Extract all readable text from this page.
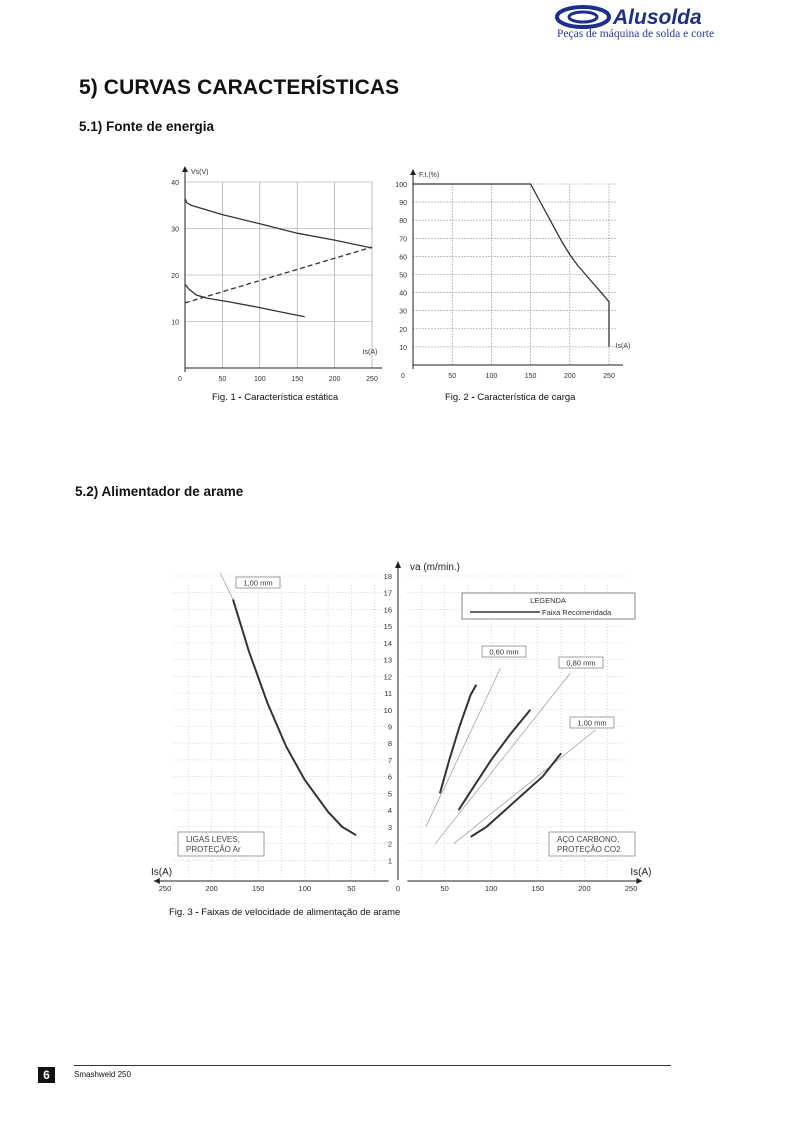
Alusolda
Peças de máquina de solda e corte
5) CURVAS CARACTERÍSTICAS
5.1) Fonte de energia
10
20
30
40
0	50	100	150	200	250
Vs(V)
Is(A)
Fig. 1 - Característica estática
10
20
30
40
50
60
70
80
90
100
0	50	100	150	200	250
F.t.(%)
Is(A)
Fig. 2 - Característica de carga
5.2) Alimentador de arame
1
2
3
4
5
6
7
8
9
10
11
12
13
14
15
16
17
18
250	200	150	100	50	0	50	100	150	200	250
va (m/min.)
Is(A)	Is(A)
LEGENDA
Faixa Recomendada
LIGAS LEVES,
PROTEÇÃO Ar
AÇO CARBONO,
PROTEÇÃO CO2
1,00 mm
0,60 mm
0,80 mm
1,00 mm
Fig. 3 - Faixas de velocidade de alimentação de arame
6	Smashweld 250
